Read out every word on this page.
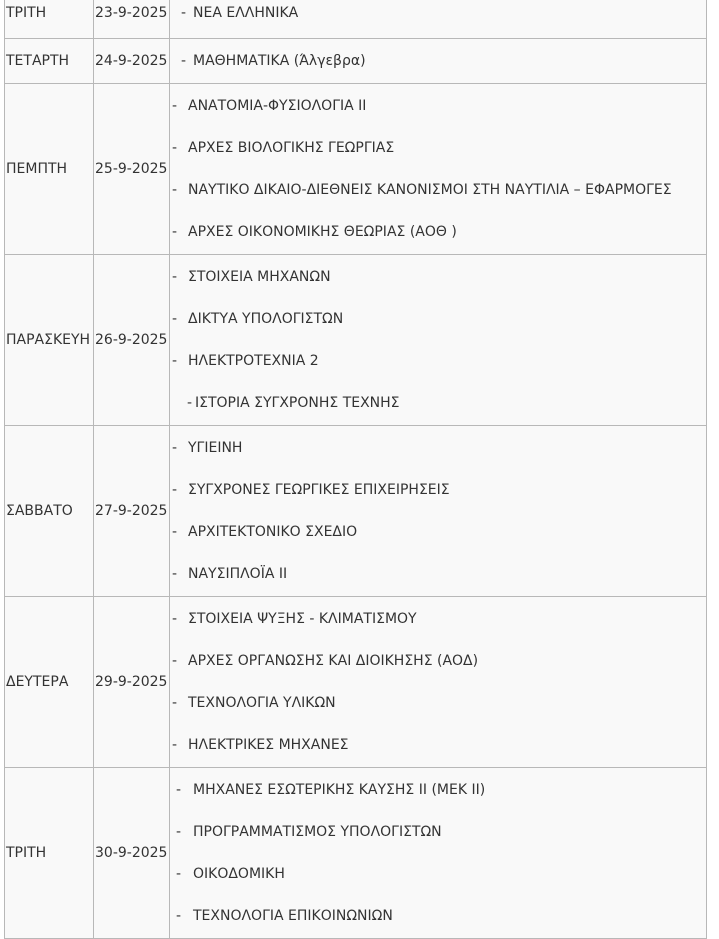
ΤΡΙΤΗ	23-9-2025	- ΝΕΑ ΕΛΛΗΝΙΚΑ

ΤΕΤΑΡΤΗ	24-9-2025	- ΜΑΘΗΜΑΤΙΚΑ (Άλγεβρα)

ΠΕΜΠΤΗ	25-9-2025	- ΑΝΑΤΟΜΙΑ-ΦΥΣΙΟΛΟΓΙΑ ΙΙ
- ΑΡΧΕΣ ΒΙΟΛΟΓΙΚΗΣ ΓΕΩΡΓΙΑΣ
- ΝΑΥΤΙΚΟ ΔΙΚΑΙΟ-ΔΙΕΘΝΕΙΣ ΚΑΝΟΝΙΣΜΟΙ ΣΤΗ ΝΑΥΤΙΛΙΑ – ΕΦΑΡΜΟΓΕΣ
- ΑΡΧΕΣ ΟΙΚΟΝΟΜΙΚΗΣ ΘΕΩΡΙΑΣ (ΑΟΘ )

ΠΑΡΑΣΚΕΥΗ	26-9-2025	- ΣΤΟΙΧΕΙΑ ΜΗΧΑΝΩΝ
- ΔΙΚΤΥΑ ΥΠΟΛΟΓΙΣΤΩΝ
- ΗΛΕΚΤΡΟΤΕΧΝΙΑ 2
- ΙΣΤΟΡΙΑ ΣΥΓΧΡΟΝΗΣ ΤΕΧΝΗΣ

ΣΑΒΒΑΤΟ	27-9-2025	- ΥΓΙΕΙΝΗ
- ΣΥΓΧΡΟΝΕΣ ΓΕΩΡΓΙΚΕΣ ΕΠΙΧΕΙΡΗΣΕΙΣ
- ΑΡΧΙΤΕΚΤΟΝΙΚΟ ΣΧΕΔΙΟ
- ΝΑΥΣΙΠΛΟΪΑ ΙΙ

ΔΕΥΤΕΡΑ	29-9-2025	- ΣΤΟΙΧΕΙΑ ΨΥΞΗΣ - ΚΛΙΜΑΤΙΣΜΟΥ
- ΑΡΧΕΣ ΟΡΓΑΝΩΣΗΣ ΚΑΙ ΔΙΟΙΚΗΣΗΣ (ΑΟΔ)
- ΤΕΧΝΟΛΟΓΙΑ ΥΛΙΚΩΝ
- ΗΛΕΚΤΡΙΚΕΣ ΜΗΧΑΝΕΣ

ΤΡΙΤΗ	30-9-2025	- ΜΗΧΑΝΕΣ ΕΣΩΤΕΡΙΚΗΣ ΚΑΥΣΗΣ ΙΙ (ΜΕΚ ΙΙ)
- ΠΡΟΓΡΑΜΜΑΤΙΣΜΟΣ ΥΠΟΛΟΓΙΣΤΩΝ
- ΟΙΚΟΔΟΜΙΚΗ
- ΤΕΧΝΟΛΟΓΙΑ ΕΠΙΚΟΙΝΩΝΙΩΝ
